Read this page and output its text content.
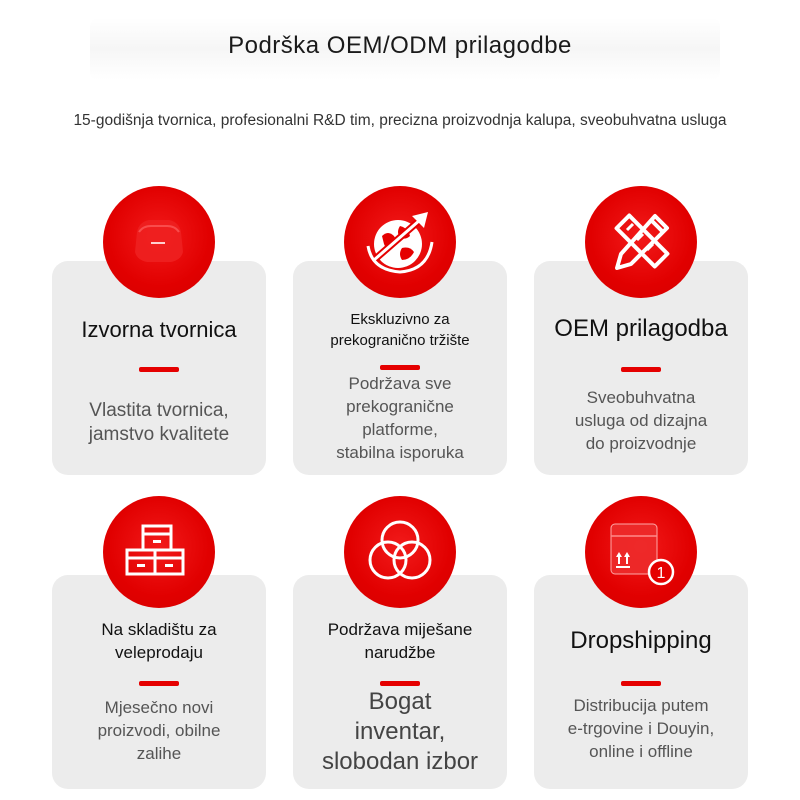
Podrška OEM/ODM prilagodbe
15-godišnja tvornica, profesionalni R&D tim, precizna proizvodnja kalupa, sveobuhvatna usluga
Izvorna tvornica
Vlastita tvornica,
jamstvo kvalitete
Ekskluzivno za
prekogranično tržište
Podržava sve
prekogranične
platforme,
stabilna isporuka
OEM prilagodba
Sveobuhvatna
usluga od dizajna
do proizvodnje
Na skladištu za
veleprodaju
Mjesečno novi
proizvodi, obilne
zalihe
Podržava miješane
narudžbe
Bogat
inventar,
slobodan izbor
Dropshipping
Distribucija putem
e-trgovine i Douyin,
online i offline
1
